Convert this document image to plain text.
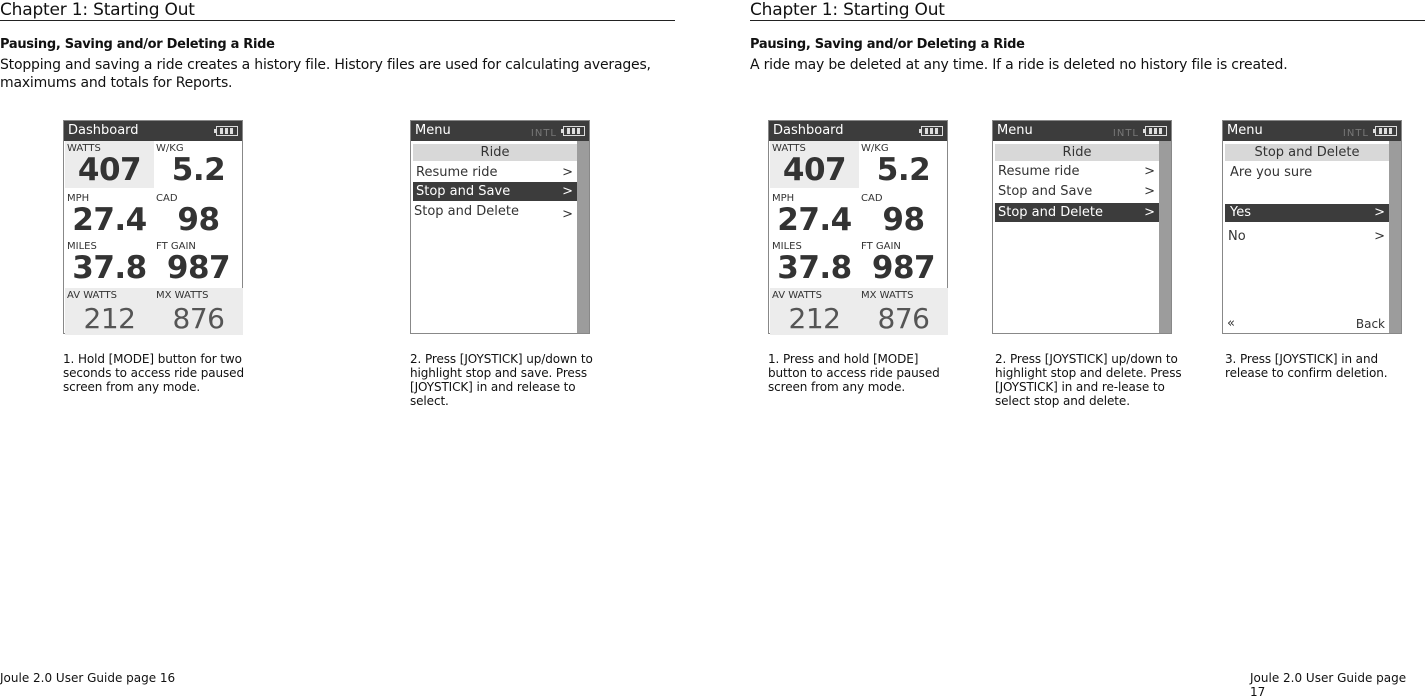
Chapter 1: Starting Out
Pausing, Saving and/or Deleting a Ride
Stopping and saving a ride creates a history file. History files are used for calculating averages, maximums and totals for Reports.
Dashboard
WATTS
407
W/KG
5.2
MPH
27.4
CAD
98
MILES
37.8
FT GAIN
987
AV WATTS
212
MX WATTS
876
Menu	INTL
Ride
Resume ride	>
Stop and Save	>
Stop and Delete	>
1. Hold [MODE] button for two seconds to access ride paused screen from any mode.
2. Press [JOYSTICK] up/down to highlight stop and save. Press [JOYSTICK] in and release to select.
Joule 2.0 User Guide page 16
Chapter 1: Starting Out
Pausing, Saving and/or Deleting a Ride
A ride may be deleted at any time. If a ride is deleted no history file is created.
Dashboard
WATTS
407
W/KG
5.2
MPH
27.4
CAD
98
MILES
37.8
FT GAIN
987
AV WATTS
212
MX WATTS
876
Menu	INTL
Ride
Resume ride	>
Stop and Save	>
Stop and Delete	>
Menu	INTL
Stop and Delete
Are you sure
Yes	>
No	>
«	Back
1. Press and hold [MODE] button to access ride paused screen from any mode.
2. Press [JOYSTICK] up/down to highlight stop and delete. Press [JOYSTICK] in and re-lease to select stop and delete.
3. Press [JOYSTICK] in and release to confirm deletion.
Joule 2.0 User Guide page 17
